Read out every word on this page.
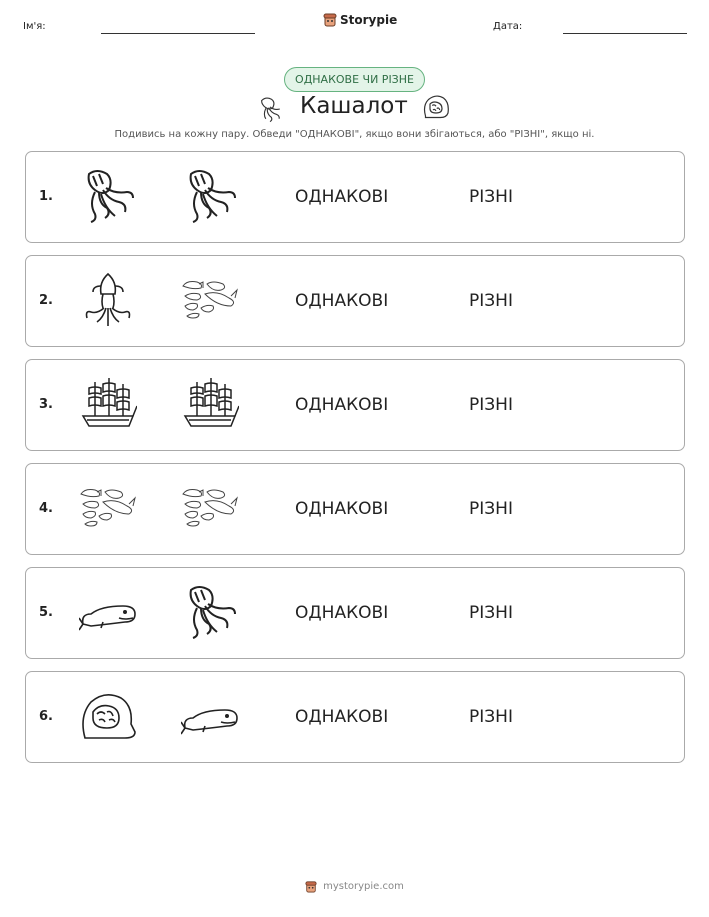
Ім'я:	Storypie	Дата:
ОДНАКОВЕ ЧИ РІЗНЕ
Кашалот
Подивись на кожну пару. Обведи "ОДНАКОВІ", якщо вони збігаються, або "РІЗНІ", якщо ні.
1.	ОДНАКОВІ	РІЗНІ
2.	ОДНАКОВІ	РІЗНІ
3.	ОДНАКОВІ	РІЗНІ
4.	ОДНАКОВІ	РІЗНІ
5.	ОДНАКОВІ	РІЗНІ
6.	ОДНАКОВІ	РІЗНІ
mystorypie.com
